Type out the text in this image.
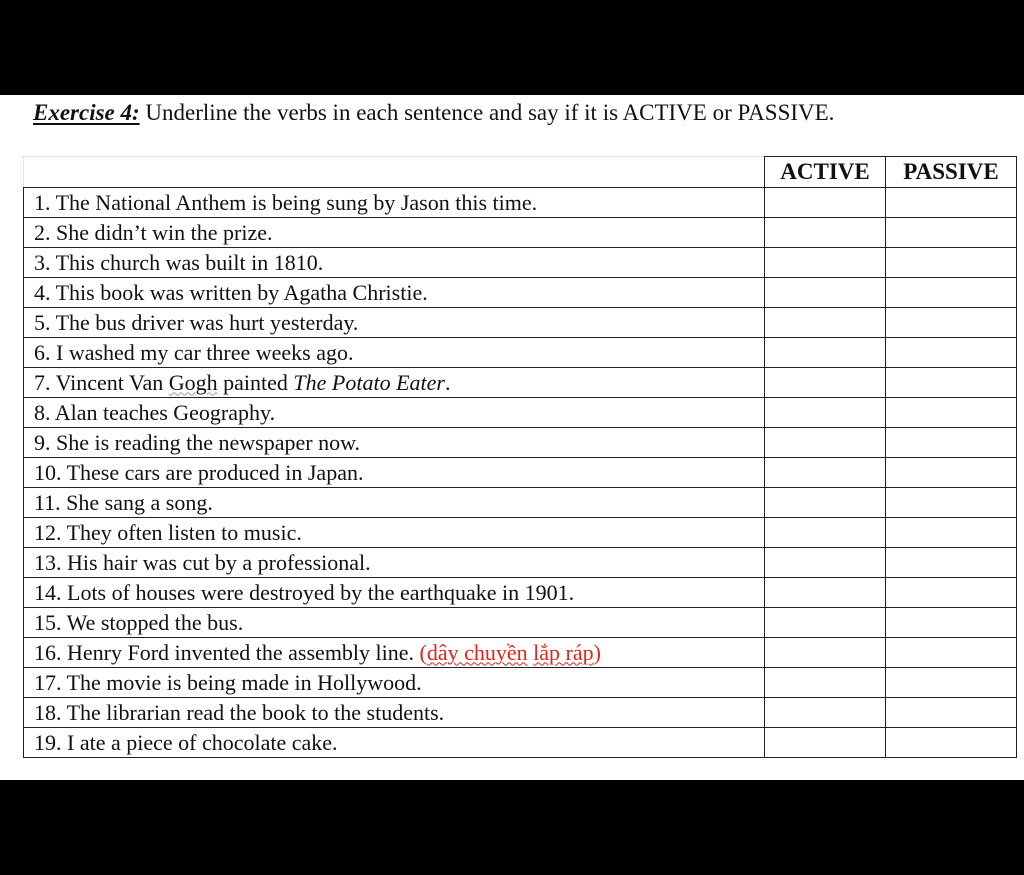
Exercise 4: Underline the verbs in each sentence and say if it is ACTIVE or PASSIVE.
	ACTIVE	PASSIVE
1. The National Anthem is being sung by Jason this time.		
2. She didn’t win the prize.		
3. This church was built in 1810.		
4. This book was written by Agatha Christie.		
5. The bus driver was hurt yesterday.		
6. I washed my car three weeks ago.		
7. Vincent Van Gogh painted The Potato Eater.		
8. Alan teaches Geography.		
9. She is reading the newspaper now.		
10. These cars are produced in Japan.		
11. She sang a song.		
12. They often listen to music.		
13. His hair was cut by a professional.		
14. Lots of houses were destroyed by the earthquake in 1901.		
15. We stopped the bus.		
16. Henry Ford invented the assembly line. (dây chuyền lắp ráp)		
17. The movie is being made in Hollywood.		
18. The librarian read the book to the students.		
19. I ate a piece of chocolate cake.		
